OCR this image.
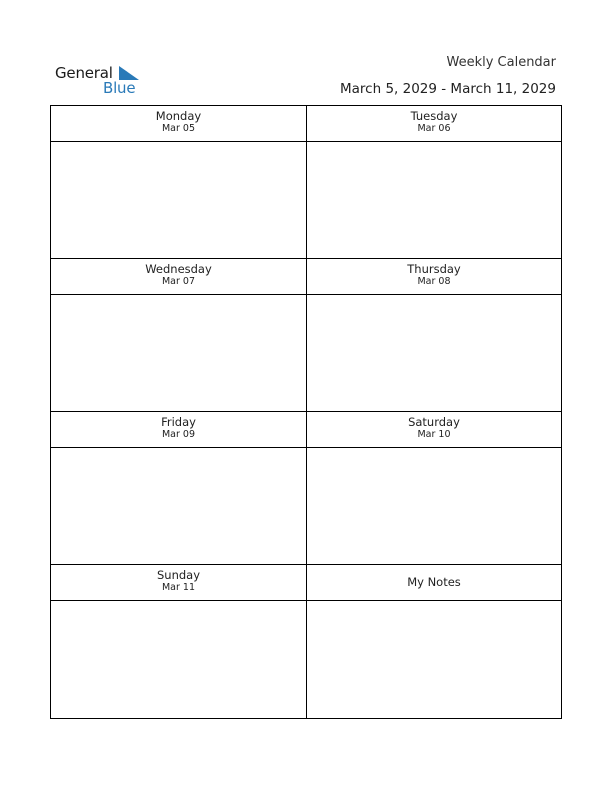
General
Blue
Weekly Calendar
March 5, 2029 - March 11, 2029
Monday
Mar 05
Tuesday
Mar 06
Wednesday
Mar 07
Thursday
Mar 08
Friday
Mar 09
Saturday
Mar 10
Sunday
Mar 11	My Notes
